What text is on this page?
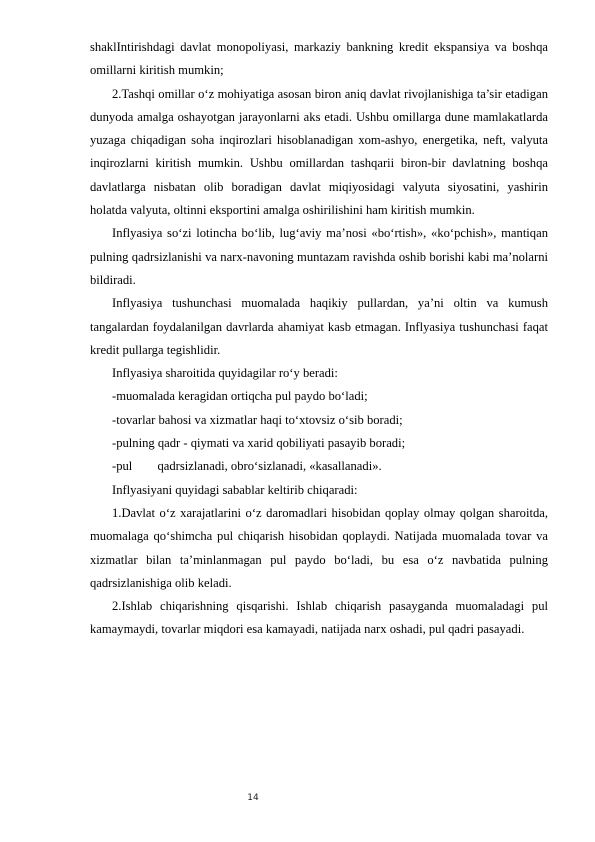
shaklIntirishdagi davlat monopoliyasi, markaziy bankning kredit ekspansiya va boshqa omillarni kiritish mumkin;

2.Tashqi omillar o‘z mohiyatiga asosan biron aniq davlat rivojlanishiga ta’sir etadigan dunyoda amalga oshayotgan jarayonlarni aks etadi. Ushbu omillarga dune mamlakatlarda yuzaga chiqadigan soha inqirozlari hisoblanadigan xom-ashyo, energetika, neft, valyuta inqirozlarni kiritish mumkin. Ushbu omillardan tashqarii biron-bir davlatning boshqa davlatlarga nisbatan olib boradigan davlat miqiyosidagi valyuta siyosatini, yashirin holatda valyuta, oltinni eksportini amalga oshirilishini ham kiritish mumkin.

Inflyasiya so‘zi lotincha bo‘lib, lug‘aviy ma’nosi «bo‘rtish», «ko‘pchish», mantiqan pulning qadrsizlanishi va narx-navoning muntazam ravishda oshib borishi kabi ma’nolarni bildiradi.

Inflyasiya tushunchasi muomalada haqikiy pullardan, ya’ni oltin va kumush tangalardan foydalanilgan davrlarda ahamiyat kasb etmagan. Inflyasiya tushunchasi faqat kredit pullarga tegishlidir.

Inflyasiya sharoitida quyidagilar ro‘y beradi:

-muomalada keragidan ortiqcha pul paydo bo‘ladi;

-tovarlar bahosi va xizmatlar haqi to‘xtovsiz o‘sib boradi;

-pulning qadr - qiymati va xarid qobiliyati pasayib boradi;

-pul        qadrsizlanadi, obro‘sizlanadi, «kasallanadi».

Inflyasiyani quyidagi sabablar keltirib chiqaradi:

1.Davlat o‘z xarajatlarini o‘z daromadlari hisobidan qoplay olmay qolgan sharoitda, muomalaga qo‘shimcha pul chiqarish hisobidan qoplaydi. Natijada muomalada tovar va xizmatlar bilan ta’minlanmagan pul paydo bo‘ladi, bu esa o‘z navbatida pulning qadrsizlanishiga olib keladi.

2.Ishlab chiqarishning qisqarishi. Ishlab chiqarish pasayganda muomaladagi pul kamaymaydi, tovarlar miqdori esa kamayadi, natijada narx oshadi, pul qadri pasayadi.

14
